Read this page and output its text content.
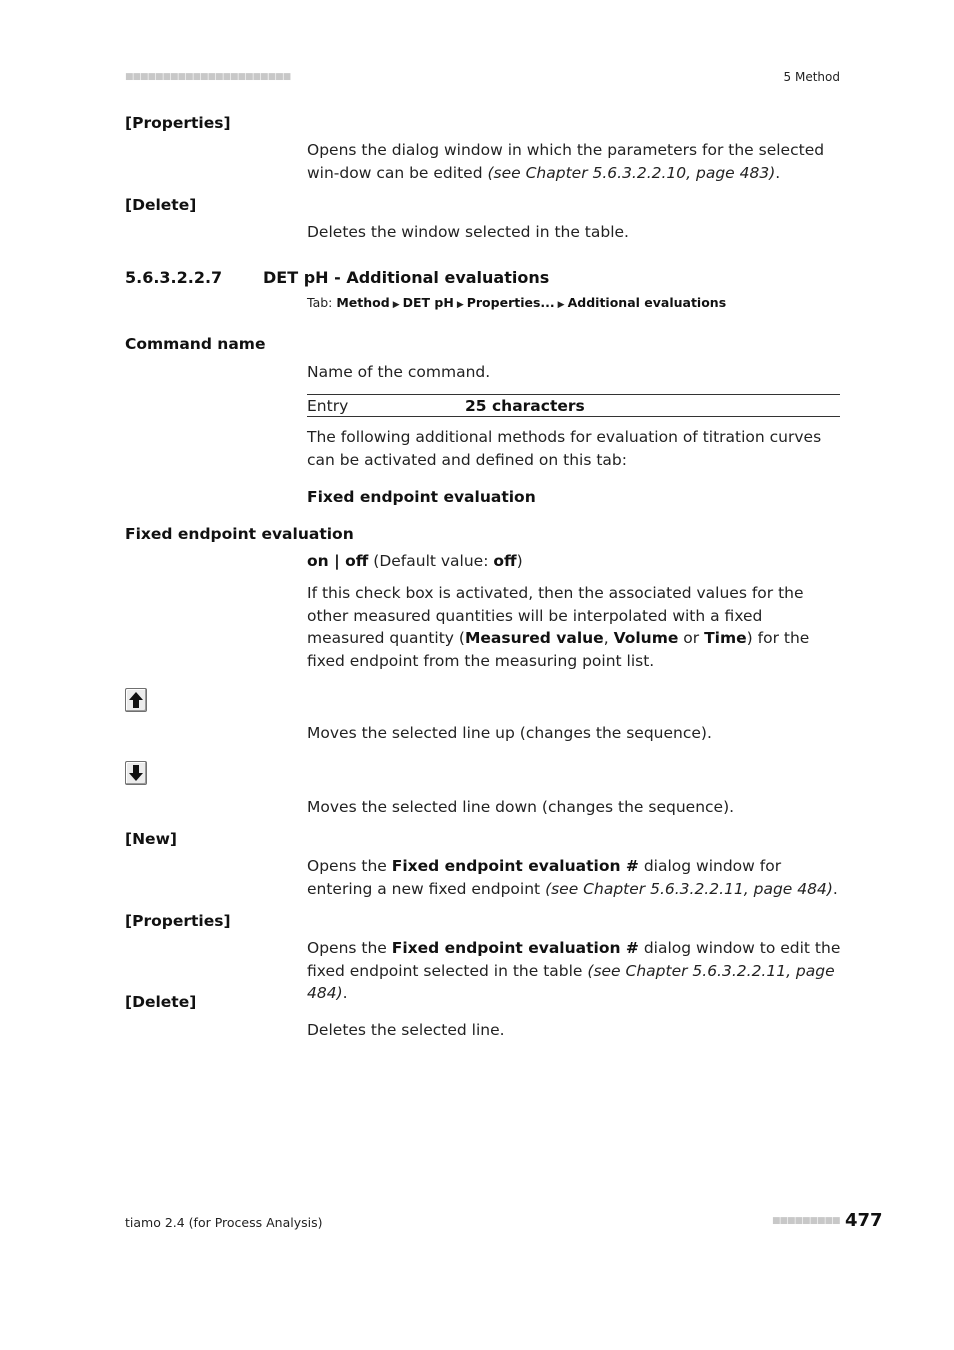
■■■■■■■■■■■■■■■■■■■■■■	5 Method
[Properties]
Opens the dialog window in which the parameters for the selected win-dow can be edited (see Chapter 5.6.3.2.2.10, page 483).
[Delete]
Deletes the window selected in the table.
5.6.3.2.2.7	DET pH - Additional evaluations
Tab: Method ▶ DET pH ▶ Properties... ▶ Additional evaluations
Command name
Name of the command.
Entry	25 characters
The following additional methods for evaluation of titration curves can be activated and defined on this tab:
Fixed endpoint evaluation
Fixed endpoint evaluation
on | off (Default value: off)
If this check box is activated, then the associated values for the other measured quantities will be interpolated with a fixed measured quantity (Measured value, Volume or Time) for the fixed endpoint from the measuring point list.
Moves the selected line up (changes the sequence).
Moves the selected line down (changes the sequence).
[New]
Opens the Fixed endpoint evaluation # dialog window for entering a new fixed endpoint (see Chapter 5.6.3.2.2.11, page 484).
[Properties]
Opens the Fixed endpoint evaluation # dialog window to edit the fixed endpoint selected in the table (see Chapter 5.6.3.2.2.11, page 484).
[Delete]
Deletes the selected line.
tiamo 2.4 (for Process Analysis)	■■■■■■■■■ 477
